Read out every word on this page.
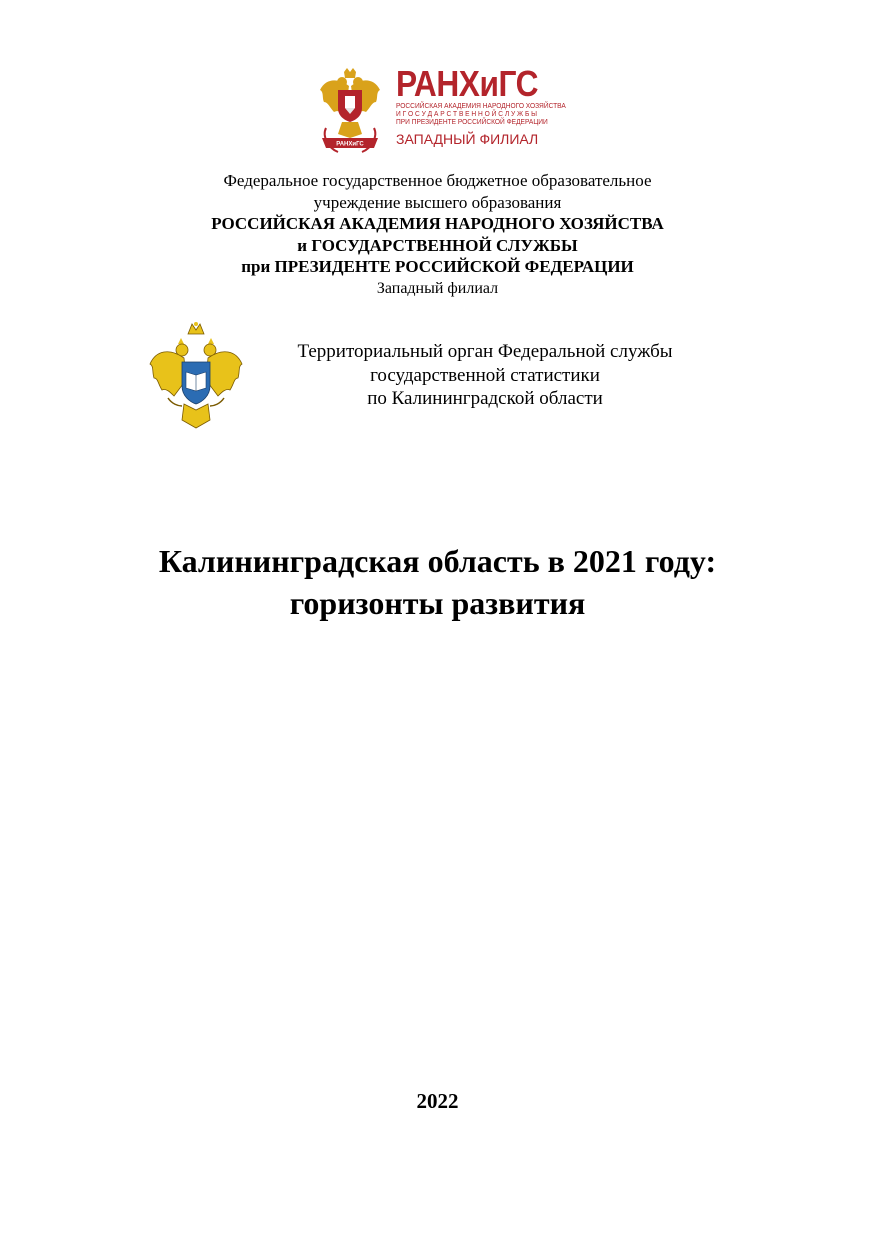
РАНХиГС
РАНХиГС
РОССИЙСКАЯ АКАДЕМИЯ НАРОДНОГО ХОЗЯЙСТВА
И Г О С У Д А Р С Т В Е Н Н О Й С Л У Ж Б Ы
ПРИ ПРЕЗИДЕНТЕ РОССИЙСКОЙ ФЕДЕРАЦИИ
ЗАПАДНЫЙ ФИЛИАЛ
Федеральное государственное бюджетное образовательное
учреждение высшего образования
РОССИЙСКАЯ АКАДЕМИЯ НАРОДНОГО ХОЗЯЙСТВА
и ГОСУДАРСТВЕННОЙ СЛУЖБЫ
при ПРЕЗИДЕНТЕ РОССИЙСКОЙ ФЕДЕРАЦИИ
Западный филиал
Территориальный орган Федеральной службы
государственной статистики
по Калининградской области
Калининградская область в 2021 году:
горизонты развития
2022
